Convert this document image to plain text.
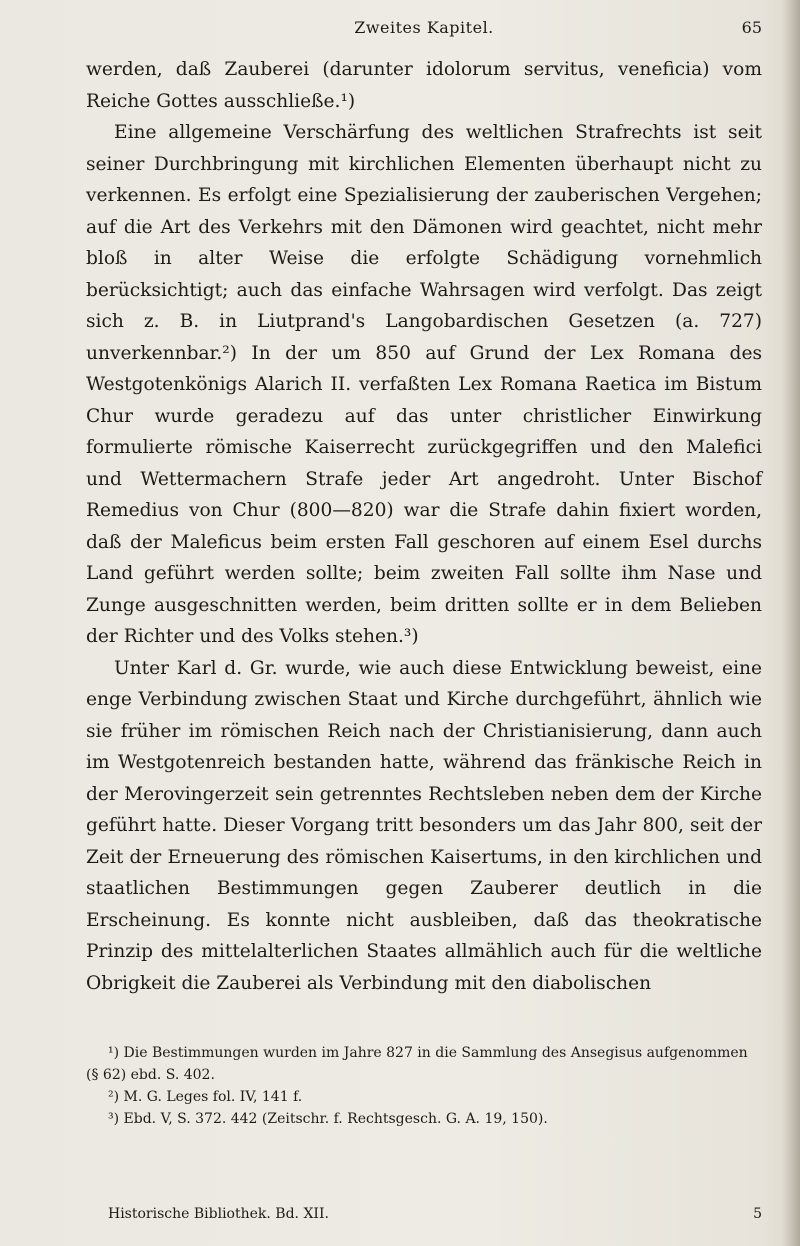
Zweites Kapitel.	65

werden, daß Zauberei (darunter idolorum servitus, veneficia) vom Reiche Gottes ausschließe.¹)

Eine allgemeine Verschärfung des weltlichen Strafrechts ist seit seiner Durchbringung mit kirchlichen Elementen überhaupt nicht zu verkennen. Es erfolgt eine Spezialisierung der zauberischen Vergehen; auf die Art des Verkehrs mit den Dämonen wird geachtet, nicht mehr bloß in alter Weise die erfolgte Schädigung vornehmlich berücksichtigt; auch das einfache Wahrsagen wird verfolgt. Das zeigt sich z. B. in Liutprand's Langobardischen Gesetzen (a. 727) unverkennbar.²) In der um 850 auf Grund der Lex Romana des Westgotenkönigs Alarich II. verfaßten Lex Romana Raetica im Bistum Chur wurde geradezu auf das unter christlicher Einwirkung formulierte römische Kaiserrecht zurückgegriffen und den Malefici und Wettermachern Strafe jeder Art angedroht. Unter Bischof Remedius von Chur (800—820) war die Strafe dahin fixiert worden, daß der Maleficus beim ersten Fall geschoren auf einem Esel durchs Land geführt werden sollte; beim zweiten Fall sollte ihm Nase und Zunge ausgeschnitten werden, beim dritten sollte er in dem Belieben der Richter und des Volks stehen.³)

Unter Karl d. Gr. wurde, wie auch diese Entwicklung beweist, eine enge Verbindung zwischen Staat und Kirche durchgeführt, ähnlich wie sie früher im römischen Reich nach der Christianisierung, dann auch im Westgotenreich bestanden hatte, während das fränkische Reich in der Merovingerzeit sein getrenntes Rechtsleben neben dem der Kirche geführt hatte. Dieser Vorgang tritt besonders um das Jahr 800, seit der Zeit der Erneuerung des römischen Kaisertums, in den kirchlichen und staatlichen Bestimmungen gegen Zauberer deutlich in die Erscheinung. Es konnte nicht ausbleiben, daß das theokratische Prinzip des mittelalterlichen Staates allmählich auch für die weltliche Obrigkeit die Zauberei als Verbindung mit den diabolischen

¹) Die Bestimmungen wurden im Jahre 827 in die Sammlung des Ansegisus aufgenommen (§ 62) ebd. S. 402.

²) M. G. Leges fol. IV, 141 f.

³) Ebd. V, S. 372. 442 (Zeitschr. f. Rechtsgesch. G. A. 19, 150).

Historische Bibliothek. Bd. XII.	5
